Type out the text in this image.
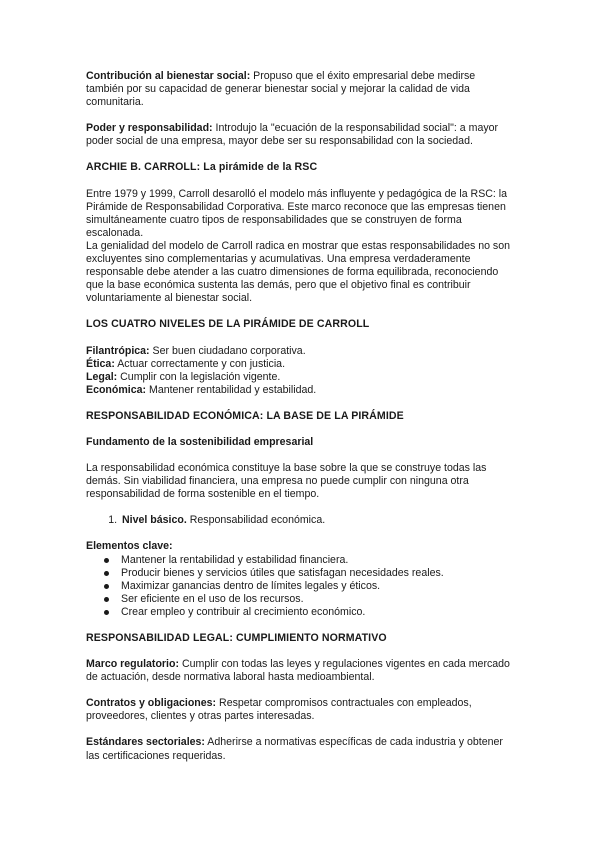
Contribución al bienestar social: Propuso que el éxito empresarial debe medirse también por su capacidad de generar bienestar social y mejorar la calidad de vida comunitaria.

Poder y responsabilidad: Introdujo la "ecuación de la responsabilidad social": a mayor poder social de una empresa, mayor debe ser su responsabilidad con la sociedad.

ARCHIE B. CARROLL: La pirámide de la RSC

Entre 1979 y 1999, Carroll desarolló el modelo más influyente y pedagógica de la RSC: la Pirámide de Responsabilidad Corporativa. Este marco reconoce que las empresas tienen simultáneamente cuatro tipos de responsabilidades que se construyen de forma escalonada.

La genialidad del modelo de Carroll radica en mostrar que estas responsabilidades no son excluyentes sino complementarias y acumulativas. Una empresa verdaderamente responsable debe atender a las cuatro dimensiones de forma equilibrada, reconociendo que la base económica sustenta las demás, pero que el objetivo final es contribuir voluntariamente al bienestar social.

LOS CUATRO NIVELES DE LA PIRÁMIDE DE CARROLL

Filantrópica: Ser buen ciudadano corporativa.

Ética: Actuar correctamente y con justicia.

Legal: Cumplir con la legislación vigente.

Económica: Mantener rentabilidad y estabilidad.

RESPONSABILIDAD ECONÓMICA: LA BASE DE LA PIRÁMIDE

Fundamento de la sostenibilidad empresarial

La responsabilidad económica constituye la base sobre la que se construye todas las demás. Sin viabilidad financiera, una empresa no puede cumplir con ninguna otra responsabilidad de forma sostenible en el tiempo.

1. Nivel básico. Responsabilidad económica.

Elementos clave:

Mantener la rentabilidad y estabilidad financiera.
Producir bienes y servicios útiles que satisfagan necesidades reales.
Maximizar ganancias dentro de límites legales y éticos.
Ser eficiente en el uso de los recursos.
Crear empleo y contribuir al crecimiento económico.

RESPONSABILIDAD LEGAL: CUMPLIMIENTO NORMATIVO

Marco regulatorio: Cumplir con todas las leyes y regulaciones vigentes en cada mercado de actuación, desde normativa laboral hasta medioambiental.

Contratos y obligaciones: Respetar compromisos contractuales con empleados, proveedores, clientes y otras partes interesadas.

Estándares sectoriales: Adherirse a normativas específicas de cada industria y obtener las certificaciones requeridas.
